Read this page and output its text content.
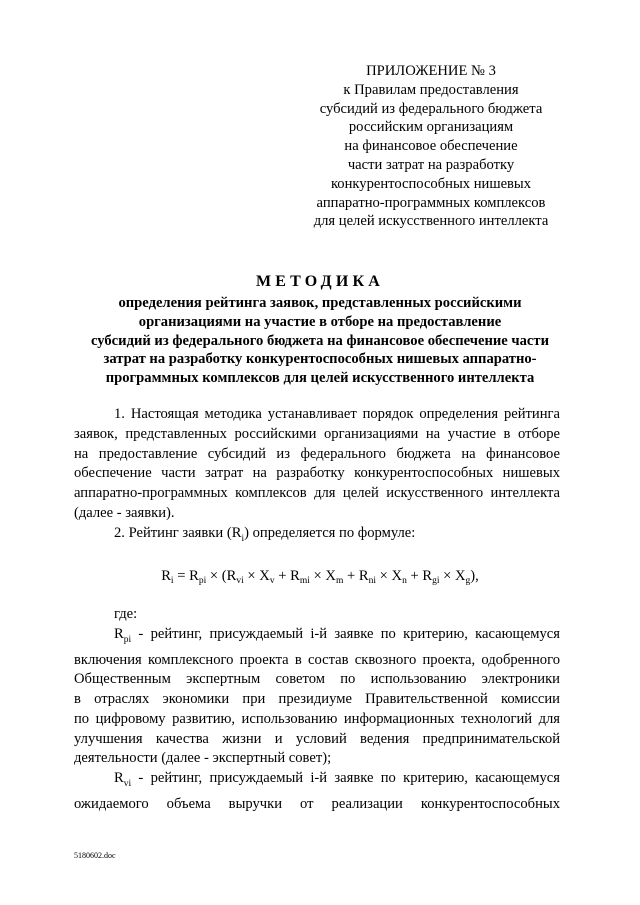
ПРИЛОЖЕНИЕ № 3
к Правилам предоставления
субсидий из федерального бюджета
российским организациям
на финансовое обеспечение
части затрат на разработку
конкурентоспособных нишевых
аппаратно-программных комплексов
для целей искусственного интеллекта
МЕТОДИКА
определения рейтинга заявок, представленных российскими
организациями на участие в отборе на предоставление
субсидий из федерального бюджета на финансовое обеспечение части
затрат на разработку конкурентоспособных нишевых аппаратно-
программных комплексов для целей искусственного интеллекта
1. Настоящая методика устанавливает порядок определения рейтинга
заявок, представленных российскими организациями на участие в отборе
на предоставление субсидий из федерального бюджета на финансовое
обеспечение части затрат на разработку конкурентоспособных нишевых
аппаратно-программных комплексов для целей искусственного интеллекта
(далее - заявки).
2. Рейтинг заявки $(R_i)$ определяется по формуле:
$R_i = R_{pi} \times (R_{vi} \times X_v + R_{mi} \times X_m + R_{ni} \times X_n + R_{gi} \times X_g)$,
где:
$R_{pi}$ - рейтинг, присуждаемый i-й заявке по критерию, касающемуся
включения комплексного проекта в состав сквозного проекта, одобренного
Общественным экспертным советом по использованию электроники
в отраслях экономики при президиуме Правительственной комиссии
по цифровому развитию, использованию информационных технологий для
улучшения качества жизни и условий ведения предпринимательской
деятельности (далее - экспертный совет);
$R_{vi}$ - рейтинг, присуждаемый i-й заявке по критерию, касающемуся
ожидаемого объема выручки от реализации конкурентоспособных
5180602.doc
